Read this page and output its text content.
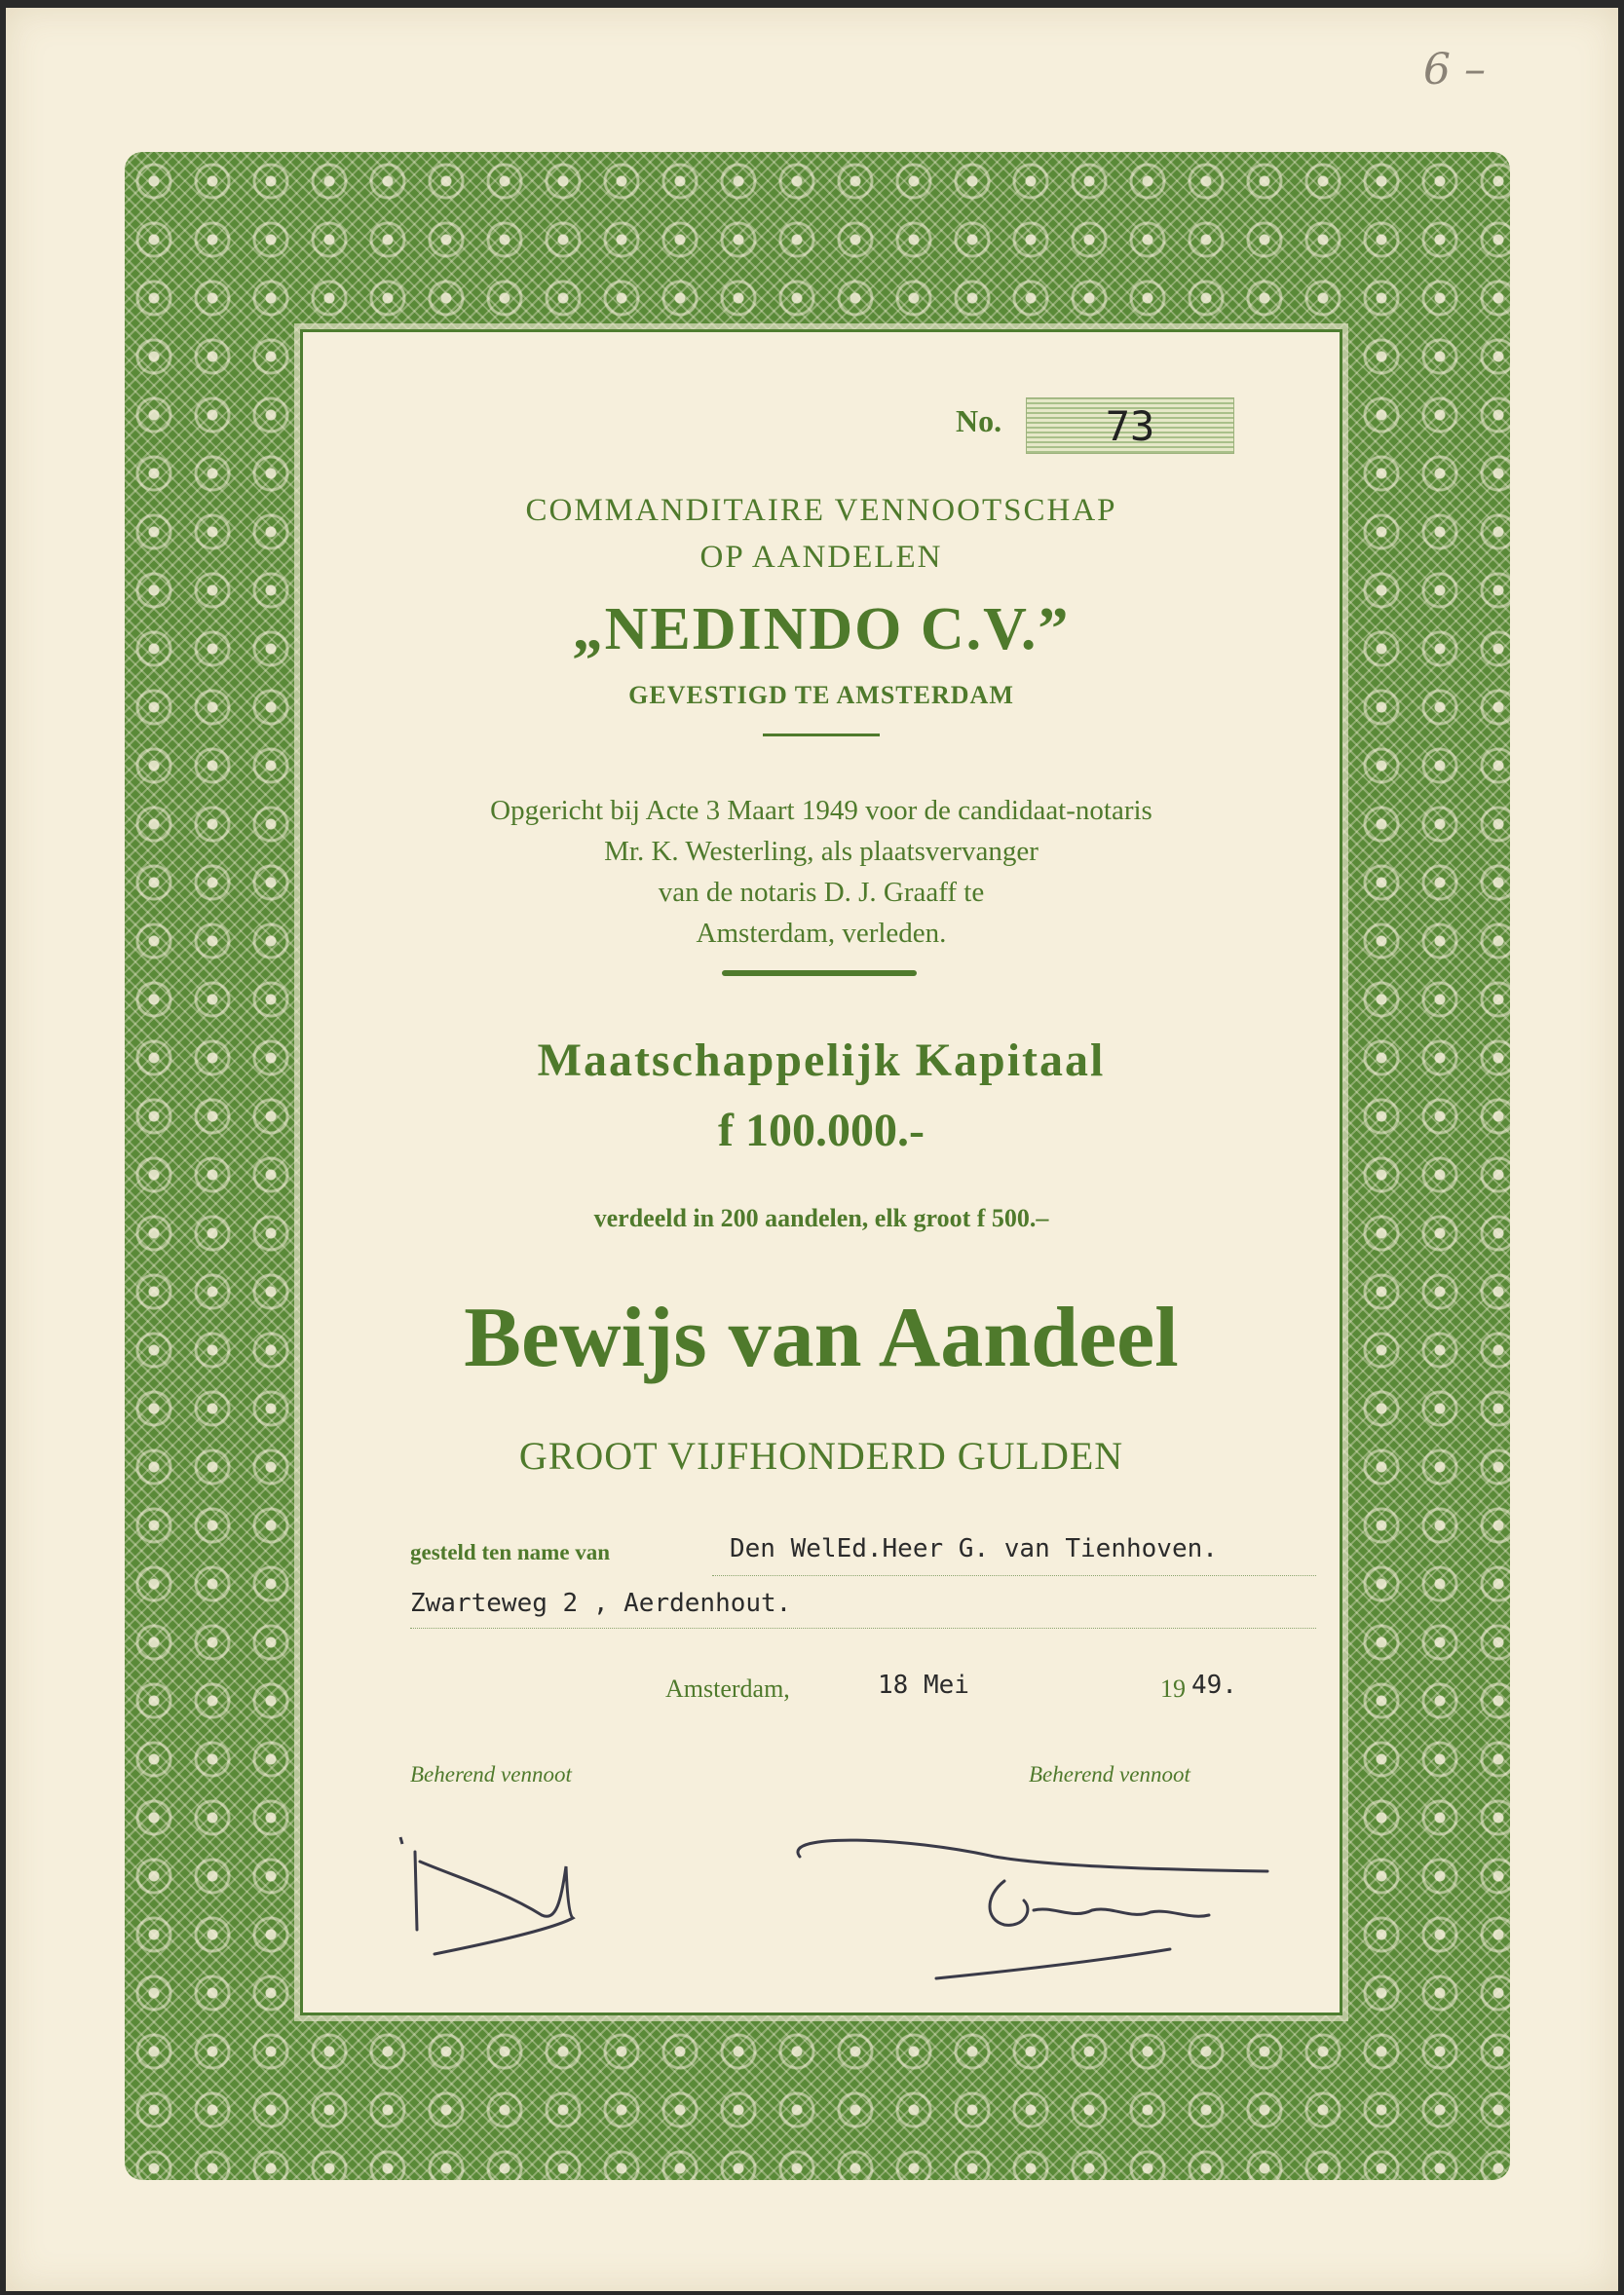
6 –
No.	73
COMMANDITAIRE VENNOOTSCHAP
OP AANDELEN
„NEDINDO C.V.”
GEVESTIGD TE AMSTERDAM
Opgericht bij Acte 3 Maart 1949 voor de candidaat-notaris
Mr. K. Westerling, als plaatsvervanger
van de notaris D. J. Graaff te
Amsterdam, verleden.
Maatschappelijk Kapitaal
f 100.000.-
verdeeld in 200 aandelen, elk groot f 500.–
Bewijs van Aandeel
GROOT VIJFHONDERD GULDEN
gesteld ten name van	Den WelEd.Heer G. van Tienhoven.
Zwarteweg 2 , Aerdenhout.
Amsterdam,	18 Mei	19 49.
Beherend vennoot	Beherend vennoot
